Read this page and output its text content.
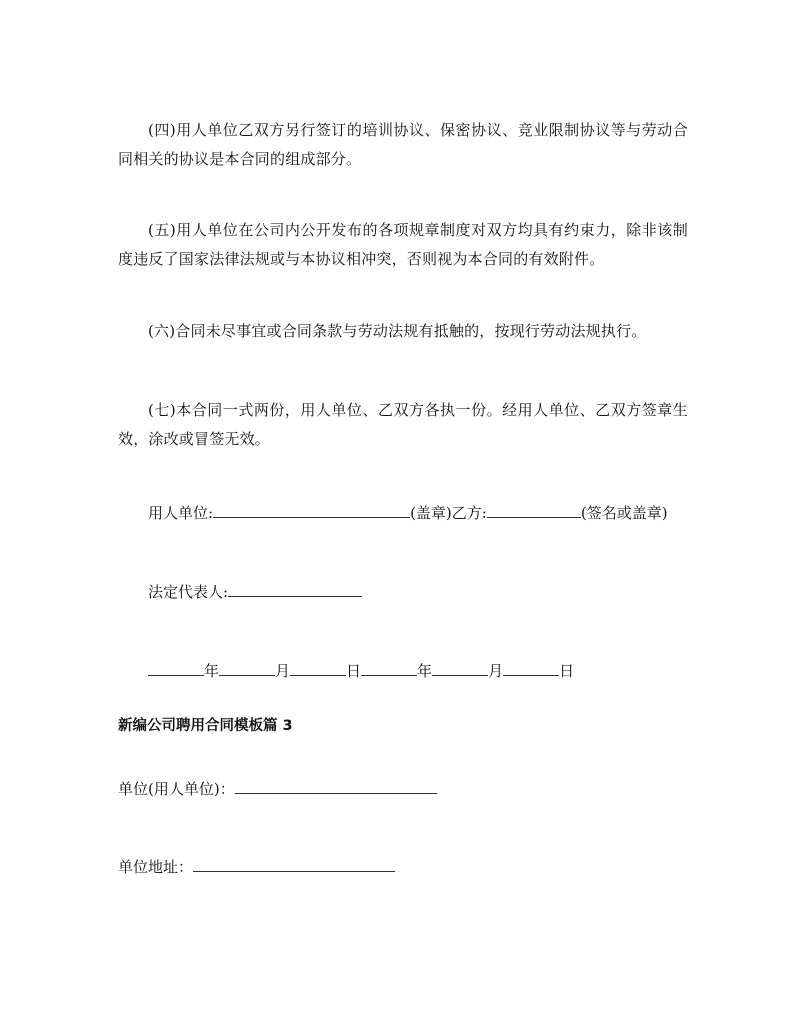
(四)用人单位乙双方另行签订的培训协议、保密协议、竞业限制协议等与劳动合同相关的协议是本合同的组成部分。

(五)用人单位在公司内公开发布的各项规章制度对双方均具有约束力，除非该制度违反了国家法律法规或与本协议相冲突，否则视为本合同的有效附件。

(六)合同未尽事宜或合同条款与劳动法规有抵触的，按现行劳动法规执行。

(七)本合同一式两份，用人单位、乙双方各执一份。经用人单位、乙双方签章生效，涂改或冒签无效。

用人单位:	(盖章)乙方:	(签名或盖章)
法定代表人:
年	月	日	年	月	日
新编公司聘用合同模板篇 3
单位(用人单位)：
单位地址：
